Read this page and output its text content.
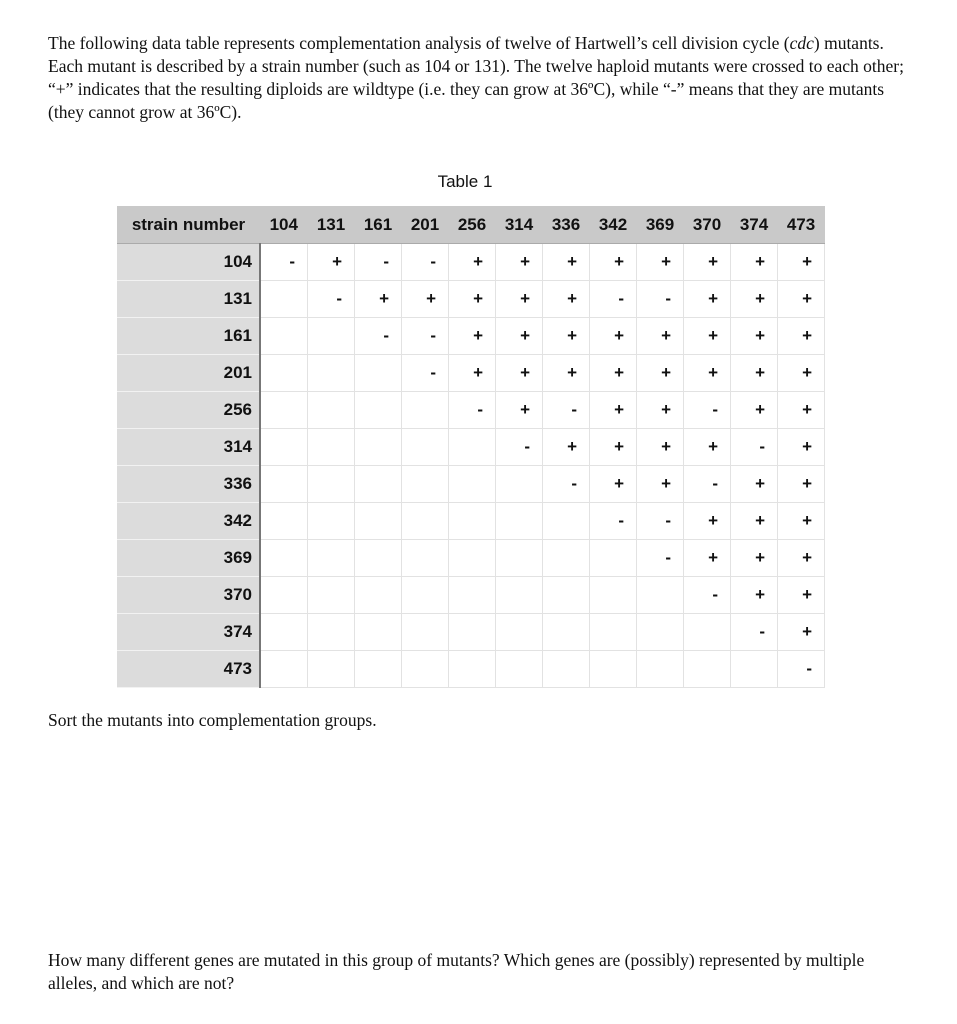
The following data table represents complementation analysis of twelve of Hartwell’s cell division cycle (cdc) mutants. Each mutant is described by a strain number (such as 104 or 131). The twelve haploid mutants were crossed to each other; “+” indicates that the resulting diploids are wildtype (i.e. they can grow at 36ºC), while “-” means that they are mutants (they cannot grow at 36ºC).
Table 1
strain number	104	131	161	201	256	314	336	342	369	370	374	473
104	-	+	-	-	+	+	+	+	+	+	+	+
131		-	+	+	+	+	+	-	-	+	+	+
161			-	-	+	+	+	+	+	+	+	+
201				-	+	+	+	+	+	+	+	+
256					-	+	-	+	+	-	+	+
314						-	+	+	+	+	-	+
336							-	+	+	-	+	+
342								-	-	+	+	+
369									-	+	+	+
370										-	+	+
374											-	+
473												-
Sort the mutants into complementation groups.
How many different genes are mutated in this group of mutants? Which genes are (possibly) represented by multiple alleles, and which are not?
